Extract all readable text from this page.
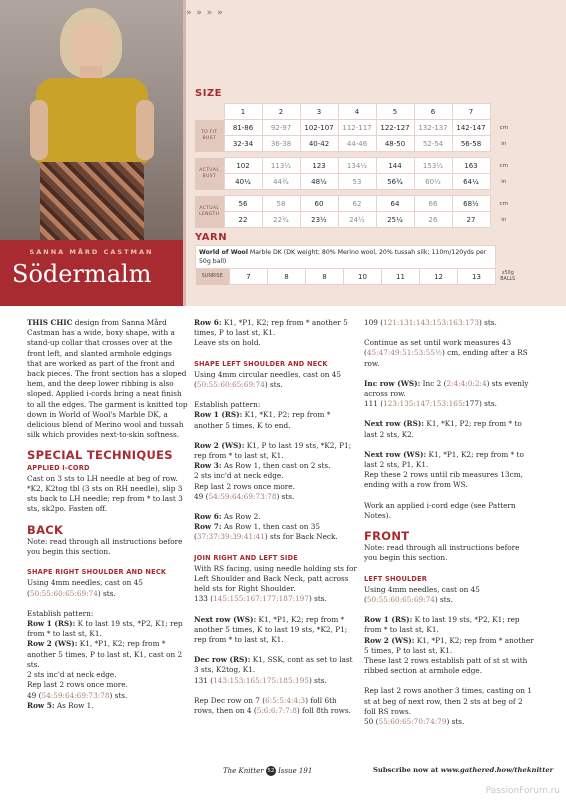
SANNA MÅRD CASTMAN
Södermalm
» » » »
SIZE
	1	2	3	4	5	6	7	
TO FIT BUST	81-86	92-97	102-107	112-117	122-127	132-137	142-147	cm
	32-34	36-38	40-42	44-46	48-50	52-54	56-58	in

ACTUAL BUST	102	113½	123	134½	144	153½	163	cm
	40¼	44¾	48½	53	56¾	60½	64¼	in

ACTUAL LENGTH	56	58	60	62	64	66	68½	cm
	22	22¾	23½	24½	25¼	26	27	in
YARN
World of Wool Marble DK (DK weight; 80% Merino wool, 20% tussah silk; 110m/120yds per 50g ball)
SUNRISE	7	8	8	10	11	12	13	x50g BALLS

THIS CHIC design from Sanna Mård Castman has a wide, boxy shape, with a stand-up collar that crosses over at the front left, and slanted armhole edgings that are worked as part of the front and back pieces. The front section has a sloped hem, and the deep lower ribbing is also sloped. Applied i-cords bring a neat finish to all the edges. The garment is knitted top down in World of Wool's Marble DK, a delicious blend of Merino wool and tussah silk which provides next-to-skin softness.

SPECIAL TECHNIQUES
APPLIED I-CORD

Cast on 3 sts to LH needle at beg of row. *K2, K2tog tbl (3 sts on RH needle), slip 3 sts back to LH needle; rep from * to last 3 sts, sk2po. Fasten off.

BACK

Note: read through all instructions before you begin this section.

SHAPE RIGHT SHOULDER AND NECK

Using 4mm needles, cast on 45 (50:55:60:65:69:74) sts.

Establish pattern:
Row 1 (RS): K to last 19 sts, *P2, K1; rep from * to last st, K1.
Row 2 (WS): K1, *P1, K2; rep from * another 5 times, P to last st, K1, cast on 2 sts.
2 sts inc'd at neck edge.
Rep last 2 rows once more.
49 (54:59:64:69:73:78) sts.
Row 5: As Row 1.
Row 6: K1, *P1, K2; rep from * another 5 times, P to last st, K1.

Leave sts on hold.

SHAPE LEFT SHOULDER AND NECK

Using 4mm circular needles, cast on 45 (50:55:60:65:69:74) sts.

Establish pattern:

Row 1 (RS): K1, *K1, P2; rep from * another 5 times, K to end.

Row 2 (WS): K1, P to last 19 sts, *K2, P1; rep from * to last st, K1.
Row 3: As Row 1, then cast on 2 sts.
2 sts inc'd at neck edge.
Rep last 2 rows once more.

49 (54:59:64:69:73:78) sts.

Row 6: As Row 2.

Row 7: As Row 1, then cast on 35 (37:37:39:39:41:41) sts for Back Neck.

JOIN RIGHT AND LEFT SIDE
With RS facing, using needle holding sts for Left Shoulder and Back Neck, patt across held sts for Right Shoulder.

133 (145:155:167:177:187:197) sts.

Next row (WS): K1, *P1, K2; rep from * another 5 times, K to last 19 sts, *K2, P1; rep from * to last st, K1.

Dec row (RS): K1, SSK, cont as set to last 3 sts, K2tog, K1.

131 (143:153:165:175:185:195) sts.

Rep Dec row on 7 (6:5:5:4:4:3) foll 6th rows, then on 4 (5:6:6:7:7:8) foll 8th rows.

109 (121:131:143:153:163:173) sts.

Continue as set until work measures 43 (45:47:49:51:53:55½) cm, ending after a RS row.

Inc row (WS): Inc 2 (2:4:4:0:2:4) sts evenly across row.

111 (123:135:147:153:165:177) sts.

Next row (RS): K1, *K1, P2; rep from * to last 2 sts, K2.

Next row (WS): K1, *P1, K2; rep from * to last 2 sts, P1, K1.

Rep these 2 rows until rib measures 13cm, ending with a row from WS.

Work an applied i-cord edge (see Pattern Notes).

FRONT

Note: read through all instructions before you begin this section.

LEFT SHOULDER

Using 4mm needles, cast on 45 (50:55:60:65:69:74) sts.

Row 1 (RS): K to last 19 sts, *P2, K1; rep from * to last st, K1.
Row 2 (WS): K1, *P1, K2; rep from * another 5 times, P to last st, K1.

These last 2 rows establish patt of st st with ribbed section at armhole edge.

Rep last 2 rows another 3 times, casting on 1 st at beg of next row, then 2 sts at beg of 2 foll RS rows.
50 (55:60:65:70:74:79) sts.
The Knitter 52 Issue 191	Subscribe now at www.gathered.how/theknitter
PassionForum.ru
